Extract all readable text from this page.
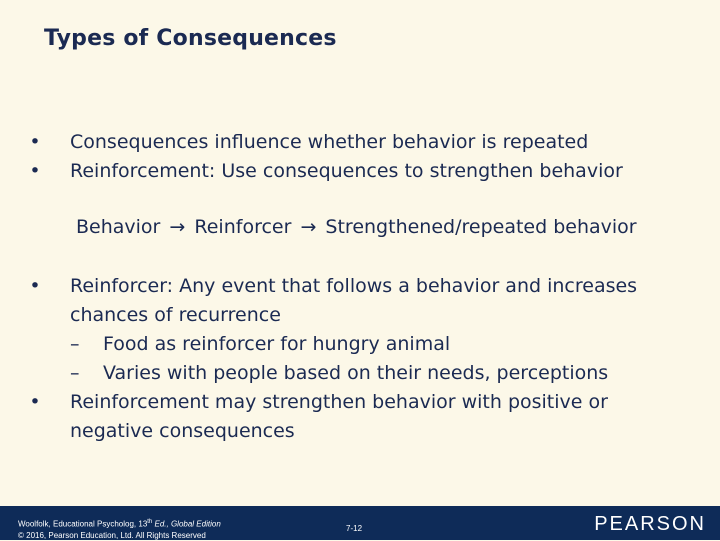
Types of Consequences
• Consequences influence whether behavior is repeated
• Reinforcement: Use consequences to strengthen behavior
Behavior → Reinforcer → Strengthened/repeated behavior
• Reinforcer: Any event that follows a behavior and increases
chances of recurrence
– Food as reinforcer for hungry animal
– Varies with people based on their needs, perceptions
• Reinforcement may strengthen behavior with positive or
negative consequences
Woolfolk, Educational Psycholog, 13th Ed., Global Edition
© 2016, Pearson Education, Ltd. All Rights Reserved
7-12	PEARSON
